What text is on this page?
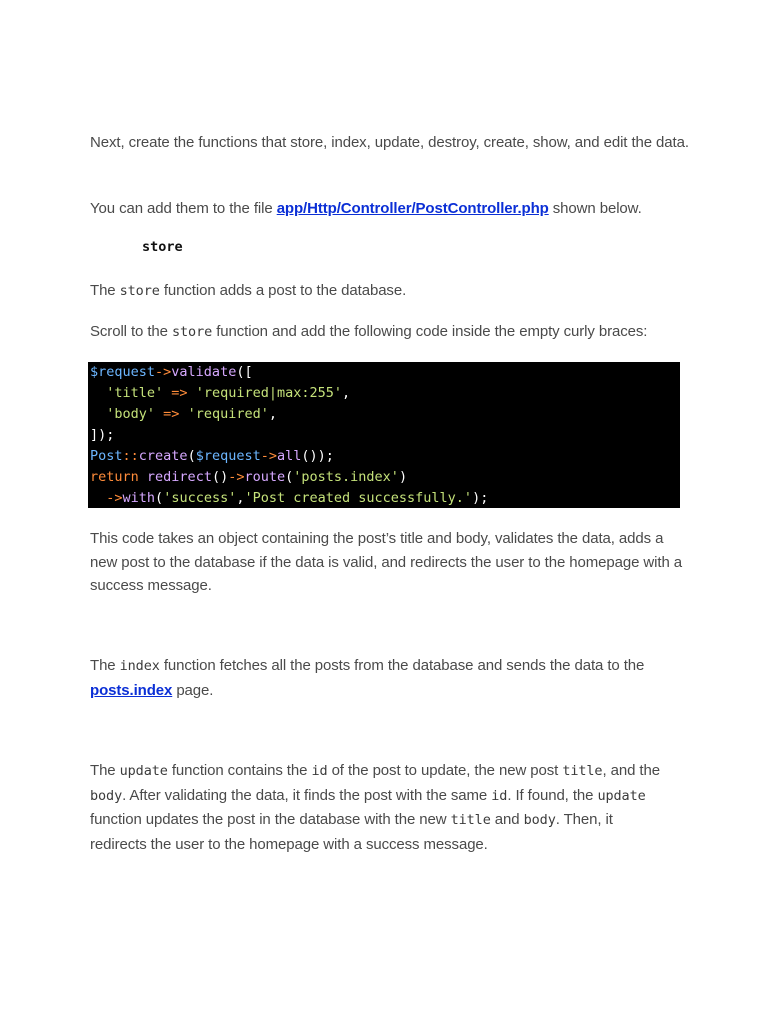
Next, create the functions that store, index, update, destroy, create, show, and edit the data.

You can add them to the file app/Http/Controller/PostController.php shown below.

store

The store function adds a post to the database.

Scroll to the store function and add the following code inside the empty curly braces:

$request->validate([
'title' => 'required|max:255',
'body' => 'required',
]);
Post::create($request->all());
return redirect()->route('posts.index')
->with('success','Post created successfully.');

This code takes an object containing the post’s title and body, validates the data, adds a new post to the database if the data is valid, and redirects the user to the homepage with a success message.

The index function fetches all the posts from the database and sends the data to the posts.index page.

The update function contains the id of the post to update, the new post title, and the body. After validating the data, it finds the post with the same id. If found, the update function updates the post in the database with the new title and body. Then, it redirects the user to the homepage with a success message.
